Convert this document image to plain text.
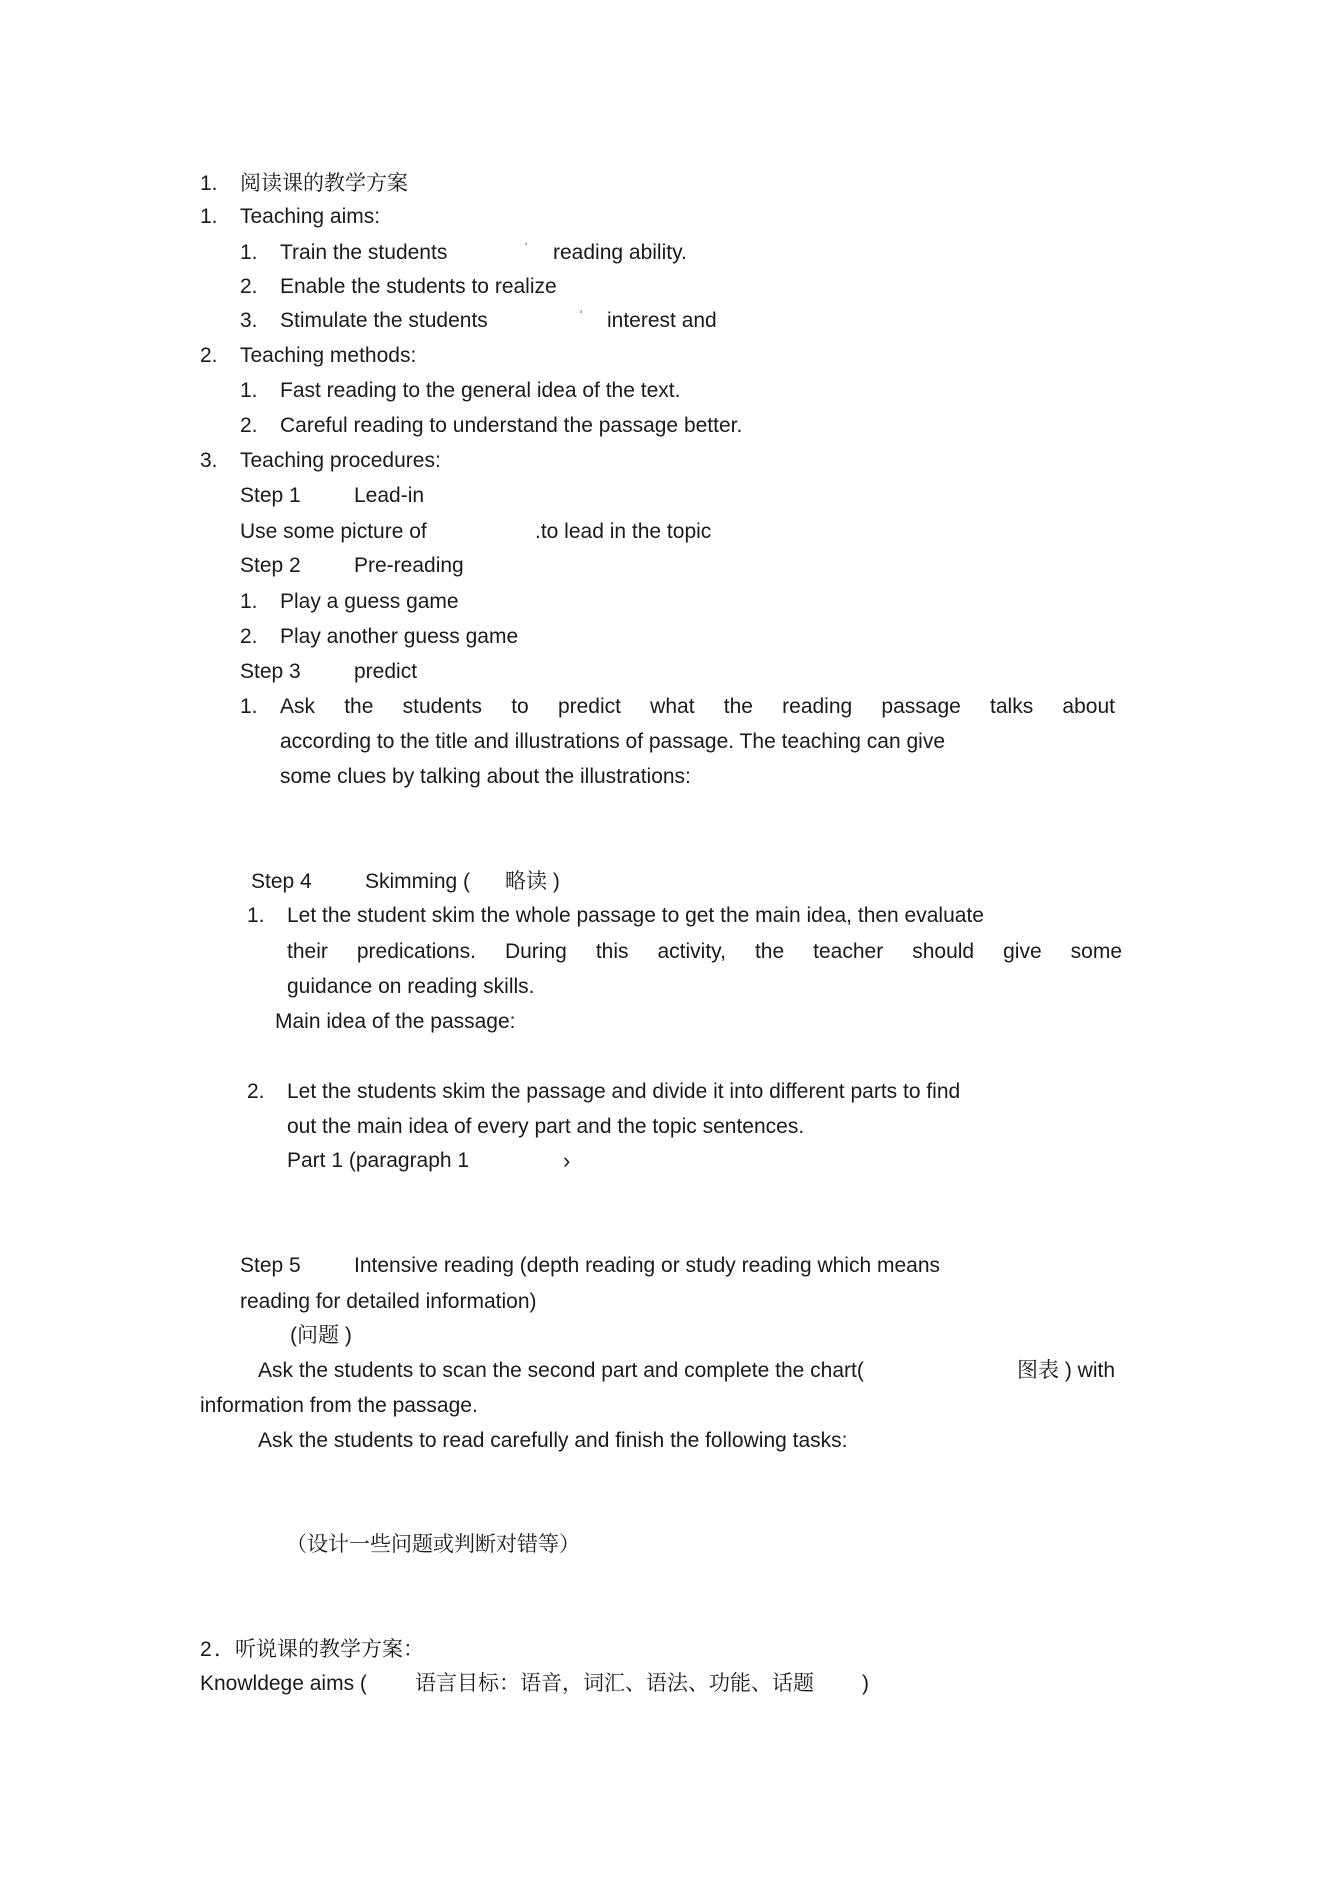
1. 阅读课的教学方案
1. Teaching aims:
1. Train the students	reading ability.
2. Enable the students to realize
3. Stimulate the students	interest and
2. Teaching methods:
1. Fast reading to the general idea of the text.
2. Careful reading to understand the passage better.
3. Teaching procedures:
Step 1	Lead-in
Use some picture of	.to lead in the topic
Step 2	Pre-reading
1. Play a guess game
2. Play another guess game
Step 3	predict
1. Ask the students to predict what the reading passage talks about
according to the title and illustrations of passage. The teaching can give
some clues by talking about the illustrations:
Step 4	Skimming ( 略读 )
1. Let the student skim the whole passage to get the main idea, then evaluate
their predications. During this activity, the teacher should give some
guidance on reading skills.
Main idea of the passage:
2. Let the students skim the passage and divide it into different parts to find
out the main idea of every part and the topic sentences.
Part 1 (paragraph 1	›
Step 5	Intensive reading (depth reading or study reading which means
reading for detailed information)
(问题 )
Ask the students to scan the second part and complete the chart(	图表 ) with
information from the passage.
Ask the students to read carefully and finish the following tasks:
（设计一些问题或判断对错等）
2 ．听说课的教学方案：
Knowldege aims ( 语言目标：语音，词汇、语法、功能、话题 )
